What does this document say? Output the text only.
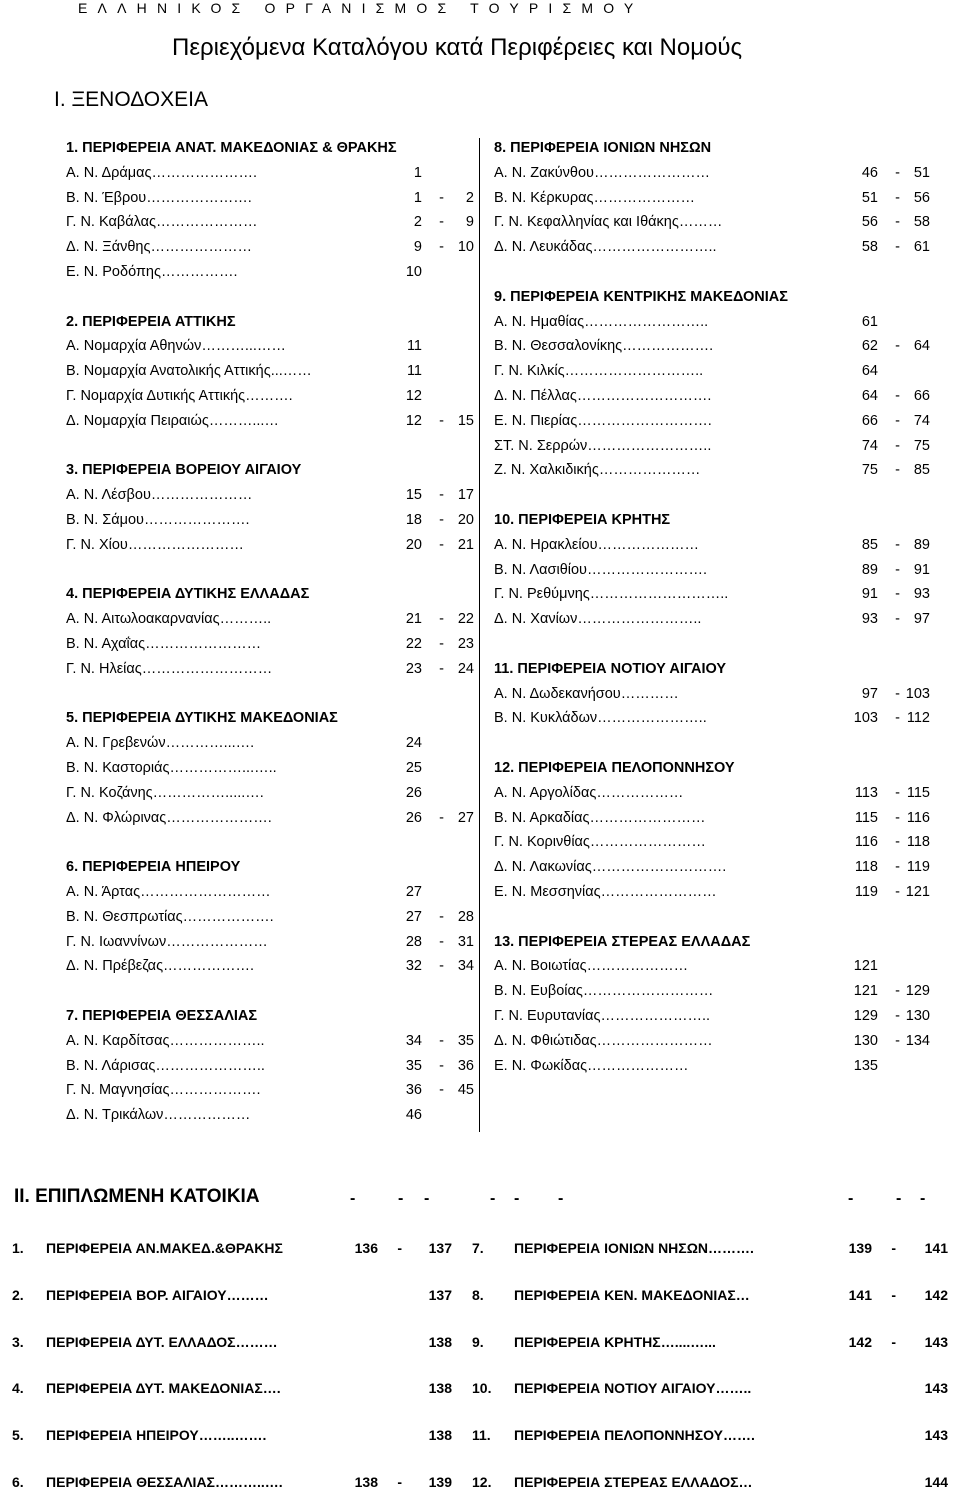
ΕΛΛΗΝΙΚΟΣ ΟΡΓΑΝΙΣΜΟΣ ΤΟΥΡΙΣΜΟΥ
Περιεχόμενα Καταλόγου κατά Περιφέρειες και Νομούς
Ι. ΞΕΝΟΔΟΧΕΙΑ
1. ΠΕΡΙΦΕΡΕΙΑ ΑΝΑΤ. ΜΑΚΕΔΟΝΙΑΣ & ΘΡΑΚΗΣ
Α. Ν. Δράμας………………….	1
Β. Ν. Έβρου………………….	1 - 2
Γ. Ν. Καβάλας…………………	2 - 9
Δ. Ν. Ξάνθης…………………	9 - 10
Ε. Ν. Ροδόπης…………….	10
2. ΠΕΡΙΦΕΡΕΙΑ ΑΤΤΙΚΗΣ
Α. Νομαρχία Αθηνών………...……	11
Β. Νομαρχία Ανατολικής Αττικής...……	11
Γ. Νομαρχία Δυτικής Αττικής……….	12
Δ. Νομαρχία Πειραιώς………...…	12 - 15
3. ΠΕΡΙΦΕΡΕΙΑ ΒΟΡΕΙΟΥ ΑΙΓΑΙΟΥ
Α. Ν. Λέσβου…………………	15 - 17
Β. Ν. Σάμου………………….	18 - 20
Γ. Ν. Χίου……………………	20 - 21
4. ΠΕΡΙΦΕΡΕΙΑ ΔΥΤΙΚΗΣ ΕΛΛΑΔΑΣ
Α. Ν. Αιτωλοακαρνανίας………..	21 - 22
Β. Ν. Αχαΐας……………………	22 - 23
Γ. Ν. Ηλείας………………………	23 - 24
5. ΠΕΡΙΦΕΡΕΙΑ ΔΥΤΙΚΗΣ ΜΑΚΕΔΟΝΙΑΣ
Α. Ν. Γρεβενών…………...….	24
Β. Ν. Καστοριάς……………...…..	25
Γ. Ν. Κοζάνης…………….....….	26
Δ. Ν. Φλώρινας………………….	26 - 27
6. ΠΕΡΙΦΕΡΕΙΑ ΗΠΕΙΡΟΥ
Α. Ν. Άρτας………………………	27
Β. Ν. Θεσπρωτίας……………….	27 - 28
Γ. Ν. Ιωαννίνων…………………	28 - 31
Δ. Ν. Πρέβεζας……………….	32 - 34
7. ΠΕΡΙΦΕΡΕΙΑ ΘΕΣΣΑΛΙΑΣ
Α. Ν. Καρδίτσας………………..	34 - 35
Β. Ν. Λάρισας…………………..	35 - 36
Γ. Ν. Μαγνησίας……………….	36 - 45
Δ. Ν. Τρικάλων………………	46
8. ΠΕΡΙΦΕΡΕΙΑ ΙΟΝΙΩΝ ΝΗΣΩΝ
Α. Ν. Ζακύνθου……………………	46 - 51
Β. Ν. Κέρκυρας…………………	51 - 56
Γ. Ν. Κεφαλληνίας και Ιθάκης………	56 - 58
Δ. Ν. Λευκάδας……………………..	58 - 61
9. ΠΕΡΙΦΕΡΕΙΑ ΚΕΝΤΡΙΚΗΣ ΜΑΚΕΔΟΝΙΑΣ
Α. Ν. Ημαθίας……………………..	61
Β. Ν. Θεσσαλονίκης……………….	62 - 64
Γ. Ν. Κιλκίς………………………..	64
Δ. Ν. Πέλλας……………………….	64 - 66
Ε. Ν. Πιερίας……………………….	66 - 74
ΣΤ. Ν. Σερρών……………………..	74 - 75
Ζ. Ν. Χαλκιδικής…………………	75 - 85
10. ΠΕΡΙΦΕΡΕΙΑ ΚΡΗΤΗΣ
Α. Ν. Ηρακλείου…………………	85 - 89
Β. Ν. Λασιθίου…………………….	89 - 91
Γ. Ν. Ρεθύμνης………………………..	91 - 93
Δ. Ν. Χανίων……………………..	93 - 97
11. ΠΕΡΙΦΕΡΕΙΑ ΝΟΤΙΟΥ ΑΙΓΑΙΟΥ
Α. Ν. Δωδεκανήσου…………	97 - 103
Β. Ν. Κυκλάδων…………………..	103 - 112
12. ΠΕΡΙΦΕΡΕΙΑ ΠΕΛΟΠΟΝΝΗΣΟΥ
Α. Ν. Αργολίδας………………	113 - 115
Β. Ν. Αρκαδίας……………………	115 - 116
Γ. Ν. Κορινθίας……………………	116 - 118
Δ. Ν. Λακωνίας……………………….	118 - 119
Ε. Ν. Μεσσηνίας……………………	119 - 121
13. ΠΕΡΙΦΕΡΕΙΑ ΣΤΕΡΕΑΣ ΕΛΛΑΔΑΣ
Α. Ν. Βοιωτίας…………………	121
Β. Ν. Ευβοίας………………………	121 - 129
Γ. Ν. Ευρυτανίας…………………..	129 - 130
Δ. Ν. Φθιώτιδας……………………	130 - 134
Ε. Ν. Φωκίδας…………………	135
ΙΙ. ΕΠΙΠΛΩΜΕΝΗ ΚΑΤΟΙΚΙΑ	-	- -	- - -	-	- -
1. ΠΕΡΙΦΕΡΕΙΑ ΑΝ.ΜΑΚΕΔ.&ΘΡΑΚΗΣ	136 - 137
2. ΠΕΡΙΦΕΡΕΙΑ ΒΟΡ. ΑΙΓΑΙΟΥ………	137
3. ΠΕΡΙΦΕΡΕΙΑ ΔΥΤ. ΕΛΛΑΔΟΣ………	138
4. ΠΕΡΙΦΕΡΕΙΑ ΔΥΤ. ΜΑΚΕΔΟΝΙΑΣ….	138
5. ΠΕΡΙΦΕΡΕΙΑ ΗΠΕΙΡΟΥ……..…….	138
6. ΠΕΡΙΦΕΡΕΙΑ ΘΕΣΣΑΛΙΑΣ………..….	138 - 139
7. ΠΕΡΙΦΕΡΕΙΑ ΙΟΝΙΩΝ ΝΗΣΩΝ……….	139 - 141
8. ΠΕΡΙΦΕΡΕΙΑ ΚΕΝ. ΜΑΚΕΔΟΝΙΑΣ…	141 - 142
9. ΠΕΡΙΦΕΡΕΙΑ ΚΡΗΤΗΣ…....…...	142 - 143
10. ΠΕΡΙΦΕΡΕΙΑ ΝΟΤΙΟΥ ΑΙΓΑΙΟΥ……..	143
11. ΠΕΡΙΦΕΡΕΙΑ ΠΕΛΟΠΟΝΝΗΣΟΥ…….	143
12. ΠΕΡΙΦΕΡΕΙΑ ΣΤΕΡΕΑΣ ΕΛΛΑΔΟΣ…	144
